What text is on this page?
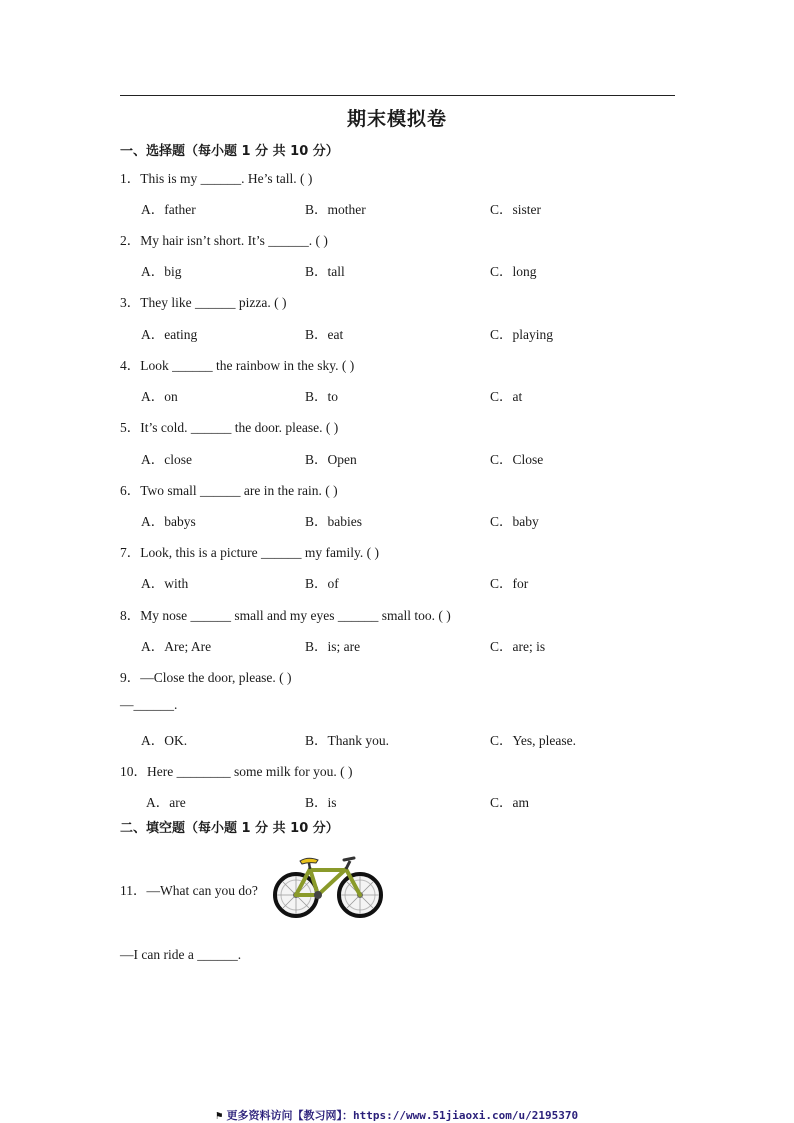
期末模拟卷
一、选择题（每小题 1 分 共 10 分）
1．This is my ______. He’s tall. ( )
A．father	B．mother	C．sister
2．My hair isn’t short. It’s ______. ( )
A．big	B．tall	C．long
3．They like ______ pizza. ( )
A．eating	B．eat	C．playing
4．Look ______ the rainbow in the sky. ( )
A．on	B．to	C．at
5．It’s cold. ______ the door. please. ( )
A．close	B．Open	C．Close
6．Two small ______ are in the rain. ( )
A．babys	B．babies	C．baby
7．Look, this is a picture ______ my family. ( )
A．with	B．of	C．for
8．My nose ______ small and my eyes ______ small too. ( )
A．Are; Are	B．is; are	C．are; is
9．—Close the door, please. ( )
—______.
A．OK.	B．Thank you.	C．Yes, please.
10．Here ________ some milk for you. ( )
A．are	B．is	C．am
二、填空题（每小题 1 分 共 10 分）
11．—What can you do?
—I can ride a ______.
⚑ 更多资料访问【教习网】：https://www.51jiaoxi.com/u/2195370
